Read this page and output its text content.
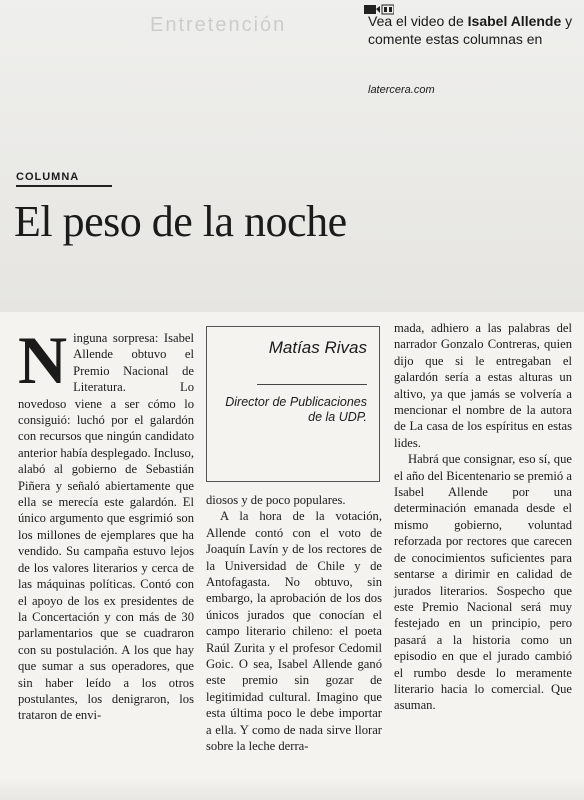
Entretención	Vea el video de Isabel Allende y comente estas columnas en
latercera.com
COLUMNA
El peso de la noche
N inguna sorpresa: Isabel Allende obtuvo el Premio Nacional de Literatura. Lo novedoso viene a ser cómo lo consiguió: luchó por el galardón con recursos que ningún candidato anterior había desplegado. Incluso, alabó al gobierno de Sebastián Piñera y señaló abiertamente que ella se merecía este galardón. El único argumento que esgrimió son los millones de ejemplares que ha vendido. Su campaña estuvo lejos de los valores literarios y cerca de las máquinas políticas. Contó con el apoyo de los ex presidentes de la Concertación y con más de 30 parlamentarios que se cuadraron con su postulación. A los que hay que sumar a sus operadores, que sin haber leído a los otros postulantes, los denigraron, los trataron de envi-

Matías Rivas
Director de Publicaciones de la UDP.

diosos y de poco populares.

A la hora de la votación, Allende contó con el voto de Joaquín Lavín y de los rectores de la Universidad de Chile y de Antofagasta. No obtuvo, sin embargo, la aprobación de los dos únicos jurados que conocían el campo literario chileno: el poeta Raúl Zurita y el profesor Cedomil Goic. O sea, Isabel Allende ganó este premio sin gozar de legitimidad cultural. Imagino que esta última poco le debe importar a ella. Y como de nada sirve llorar sobre la leche derra-

mada, adhiero a las palabras del narrador Gonzalo Contreras, quien dijo que si le entregaban el galardón sería a estas alturas un altivo, ya que jamás se volvería a mencionar el nombre de la autora de La casa de los espíritus en estas lides.

Habrá que consignar, eso sí, que el año del Bicentenario se premió a Isabel Allende por una determinación emanada desde el mismo gobierno, voluntad reforzada por rectores que carecen de conocimientos suficientes para sentarse a dirimir en calidad de jurados literarios. Sospecho que este Premio Nacional será muy festejado en un principio, pero pasará a la historia como un episodio en que el jurado cambió el rumbo desde lo meramente literario hacia lo comercial. Que asuman.
